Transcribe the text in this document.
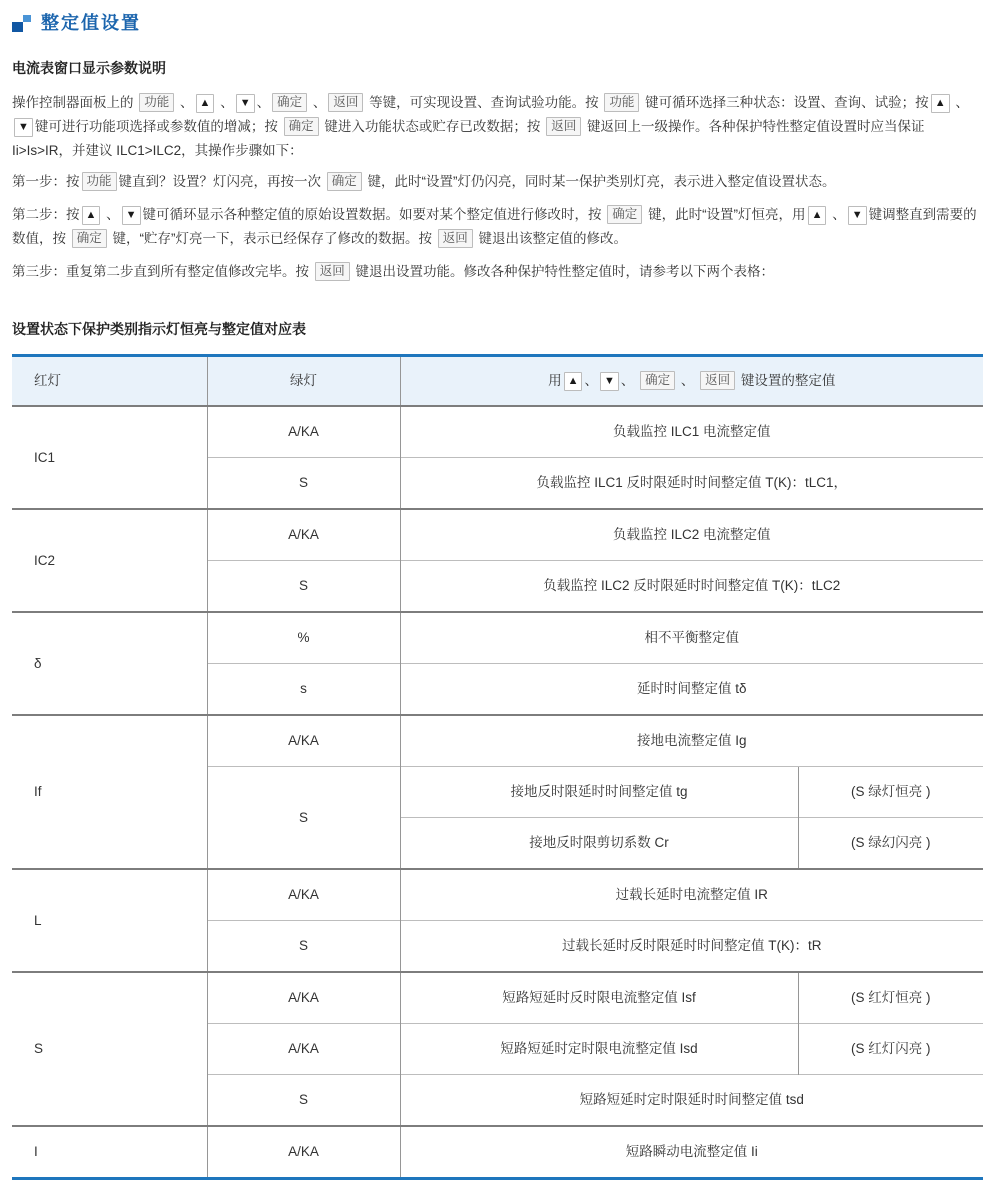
整定值设置
电流表窗口显示参数说明

操作控制器面板上的 功能 、 ▲ 、 ▼ 、 确定 、 返回 等键，可实现设置、查询试验功能。按 功能 键可循环选择三种状态：设置、查询、试验；按 ▲ 、▼ 键可进行功能项选择或参数值的增减；按 确定 键进入功能状态或贮存已改数据；按 返回 键返回上一级操作。各种保护特性整定值设置时应当保证 Ii>Is>IR，并建议 ILC1>ILC2，其操作步骤如下：

第一步：按 功能 键直到？设置？灯闪亮，再按一次 确定 键，此时“设置”灯仍闪亮，同时某一保护类别灯亮，表示进入整定值设置状态。

第二步：按 ▲ 、 ▼ 键可循环显示各种整定值的原始设置数据。如要对某个整定值进行修改时，按 确定 键，此时“设置”灯恒亮，用 ▲ 、 ▼ 键调整直到需要的数值，按 确定 键，“贮存”灯亮一下，表示已经保存了修改的数据。按 返回 键退出该整定值的修改。

第三步：重复第二步直到所有整定值修改完毕。按 返回 键退出设置功能。修改各种保护特性整定值时，请参考以下两个表格：

设置状态下保护类别指示灯恒亮与整定值对应表
红灯	绿灯	用 ▲ 、 ▼ 、 确定 、 返回 键设置的整定值	
IC1	A/KA	负载监控 ILC1 电流整定值	
	S	负载监控 ILC1 反时限延时时间整定值 T(K)：tLC1，	
IC2	A/KA	负载监控 ILC2 电流整定值	
	S	负载监控 ILC2 反时限延时时间整定值 T(K)：tLC2	
δ	%	相不平衡整定值	
	s	延时时间整定值 tδ	
If	A/KA	接地电流整定值 Ig	
	S	接地反时限延时时间整定值 tg	(S 绿灯恒亮 )
		接地反时限剪切系数 Cr	(S 绿幻闪亮 )
L	A/KA	过载长延时电流整定值 IR	
	S	过载长延时反时限延时时间整定值 T(K)：tR	
S	A/KA	短路短延时反时限电流整定值 Isf	(S 红灯恒亮 )
	A/KA	短路短延时定时限电流整定值 Isd	(S 红灯闪亮 )
	S	短路短延时定时限延时时间整定值 tsd	
I	A/KA	短路瞬动电流整定值 Ii	
